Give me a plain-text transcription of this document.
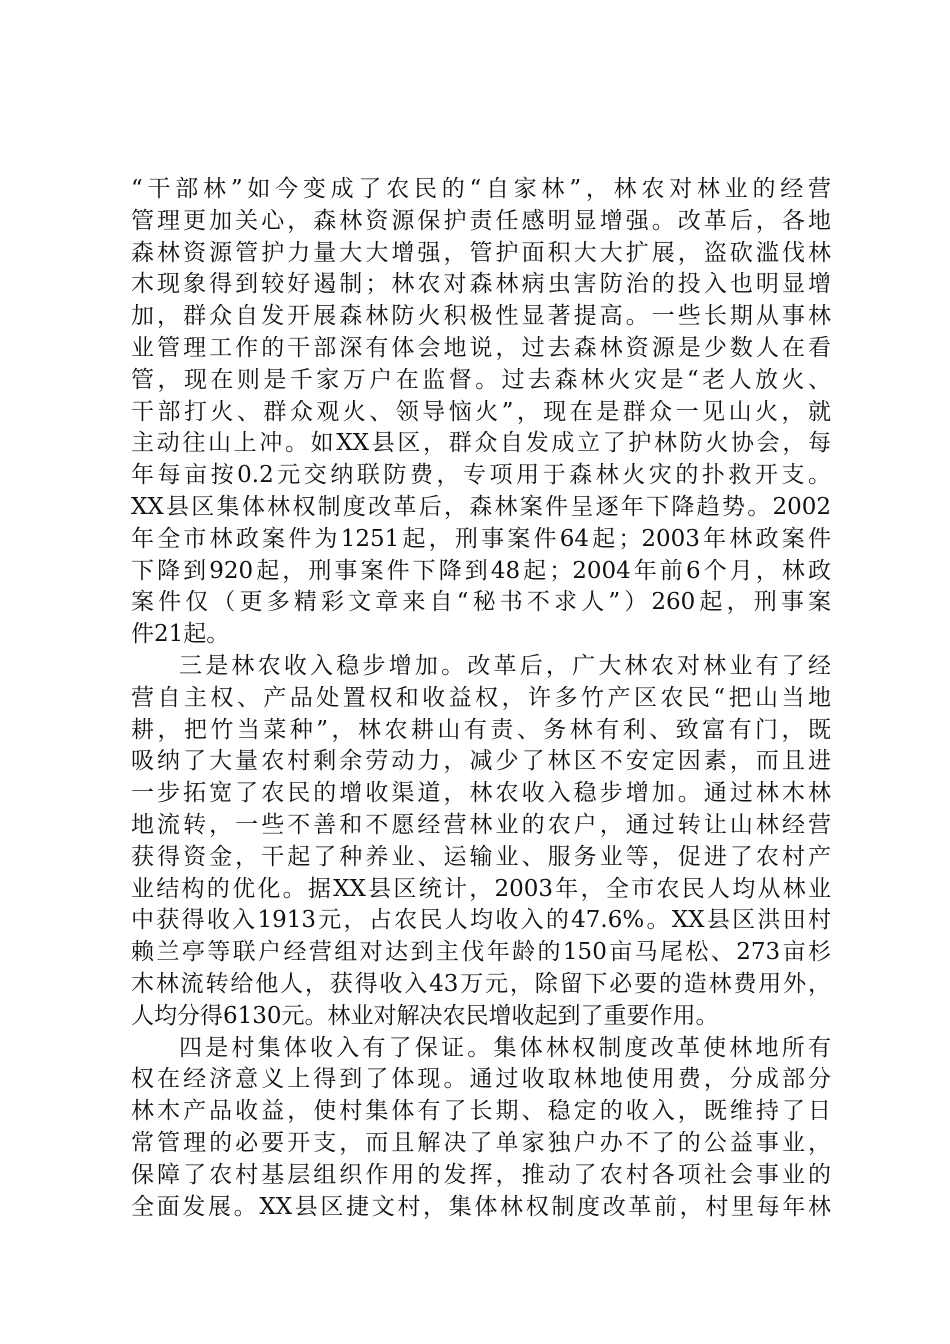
“干部林”如今变成了农民的“自家林”，林农对林业的经营
管理更加关心，森林资源保护责任感明显增强。改革后，各地
森林资源管护力量大大增强，管护面积大大扩展，盗砍滥伐林
木现象得到较好遏制；林农对森林病虫害防治的投入也明显增
加，群众自发开展森林防火积极性显著提高。一些长期从事林
业管理工作的干部深有体会地说，过去森林资源是少数人在看
管，现在则是千家万户在监督。过去森林火灾是“老人放火、
干部打火、群众观火、领导恼火”，现在是群众一见山火，就
主动往山上冲。如XX县区，群众自发成立了护林防火协会，每
年每亩按0.2元交纳联防费，专项用于森林火灾的扑救开支。
XX县区集体林权制度改革后，森林案件呈逐年下降趋势。2002
年全市林政案件为1251起，刑事案件64起；2003年林政案件
下降到920起，刑事案件下降到48起；2004年前6个月，林政
案件仅（更多精彩文章来自“秘书不求人”）260起，刑事案
件21起。
三是林农收入稳步增加。改革后，广大林农对林业有了经
营自主权、产品处置权和收益权，许多竹产区农民“把山当地
耕，把竹当菜种”，林农耕山有责、务林有利、致富有门，既
吸纳了大量农村剩余劳动力，减少了林区不安定因素，而且进
一步拓宽了农民的增收渠道，林农收入稳步增加。通过林木林
地流转，一些不善和不愿经营林业的农户，通过转让山林经营
获得资金，干起了种养业、运输业、服务业等，促进了农村产
业结构的优化。据XX县区统计，2003年，全市农民人均从林业
中获得收入1913元，占农民人均收入的47.6%。XX县区洪田村
赖兰亭等联户经营组对达到主伐年龄的150亩马尾松、273亩杉
木林流转给他人，获得收入43万元，除留下必要的造林费用外，
人均分得6130元。林业对解决农民增收起到了重要作用。
四是村集体收入有了保证。集体林权制度改革使林地所有
权在经济意义上得到了体现。通过收取林地使用费，分成部分
林木产品收益，使村集体有了长期、稳定的收入，既维持了日
常管理的必要开支，而且解决了单家独户办不了的公益事业，
保障了农村基层组织作用的发挥，推动了农村各项社会事业的
全面发展。XX县区捷文村，集体林权制度改革前，村里每年林
